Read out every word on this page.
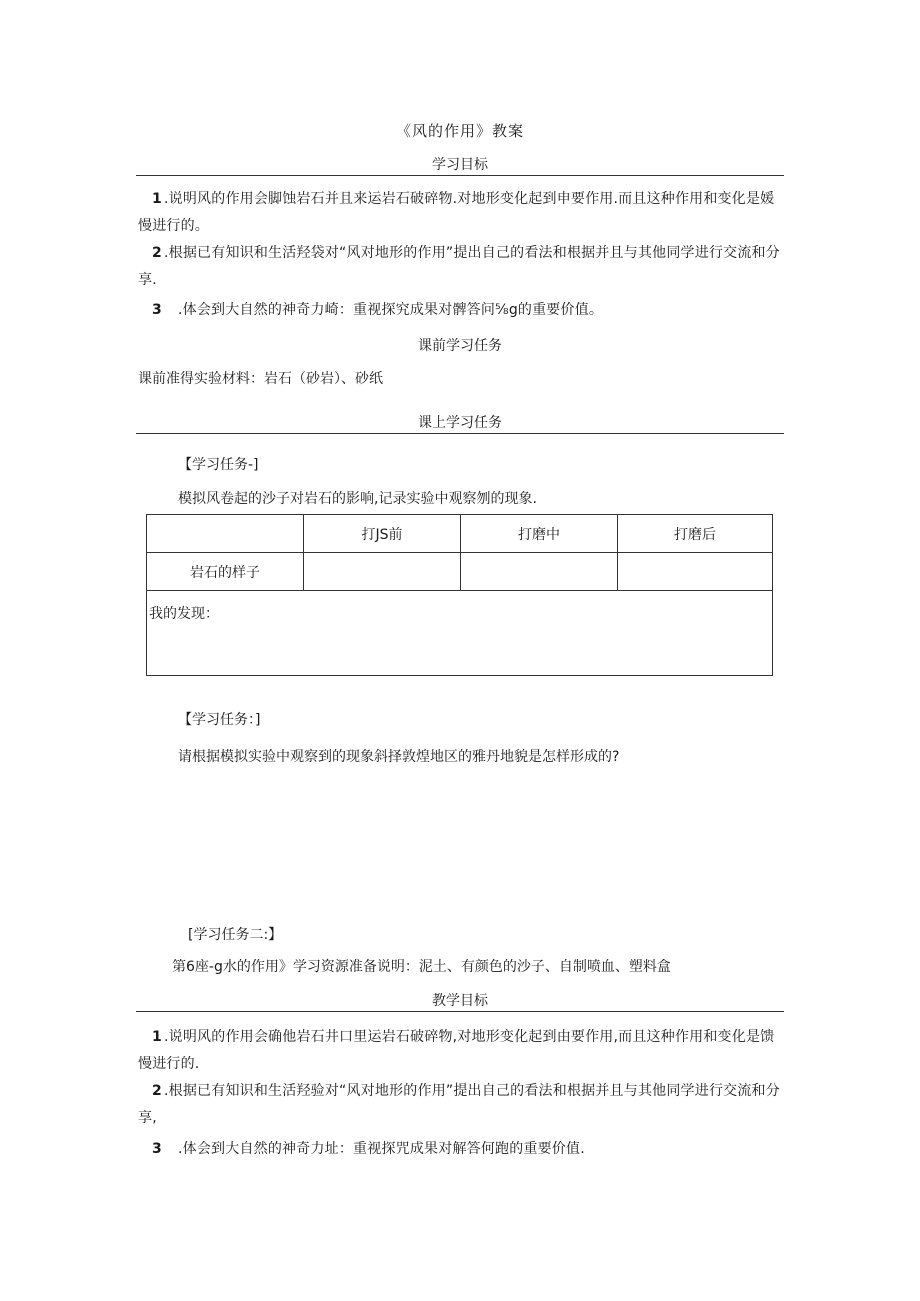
《风的作用》教案
学习目标
1 .说明风的作用会脚蚀岩石并且来运岩石破碎物.对地形变化起到申要作用.而且这种作用和变化是媛慢进行的。
2 .根据已有知识和生活羟袋对“风对地形的作用”提出自己的看法和根据并且与其他同学进行交流和分享.
3 .体会到大自然的神奇力崎：重视探究成果对髀答问⅝g的重要价值。
课前学习任务
课前准得实验材料：岩石（砂岩）、砂纸
课上学习任务
【学习任务-]
模拟风卷起的沙子对岩石的影响,记录实验中观察刎的现象.
	打JS前	打磨中	打磨后
岩石的样子			
我的发现：			
【学习任务：]
请根据模拟实验中观察到的现象斜择敦煌地区的雅丹地貌是怎样形成的?
[学习任务二:】
第6座-g水的作用》学习资源准备说明：泥土、有颜色的沙子、自制喷血、塑料盒
教学目标
1 .说明风的作用会确他岩石井口里运岩石破碎物,对地形变化起到由要作用,而且这种作用和变化是馈慢进行的.
2 .根据已有知识和生活羟验对“风对地形的作用”提出自己的看法和根据并且与其他同学进行交流和分享,
3 .体会到大自然的神奇力址：重视探咒成果对解答何跑的重要价值.
